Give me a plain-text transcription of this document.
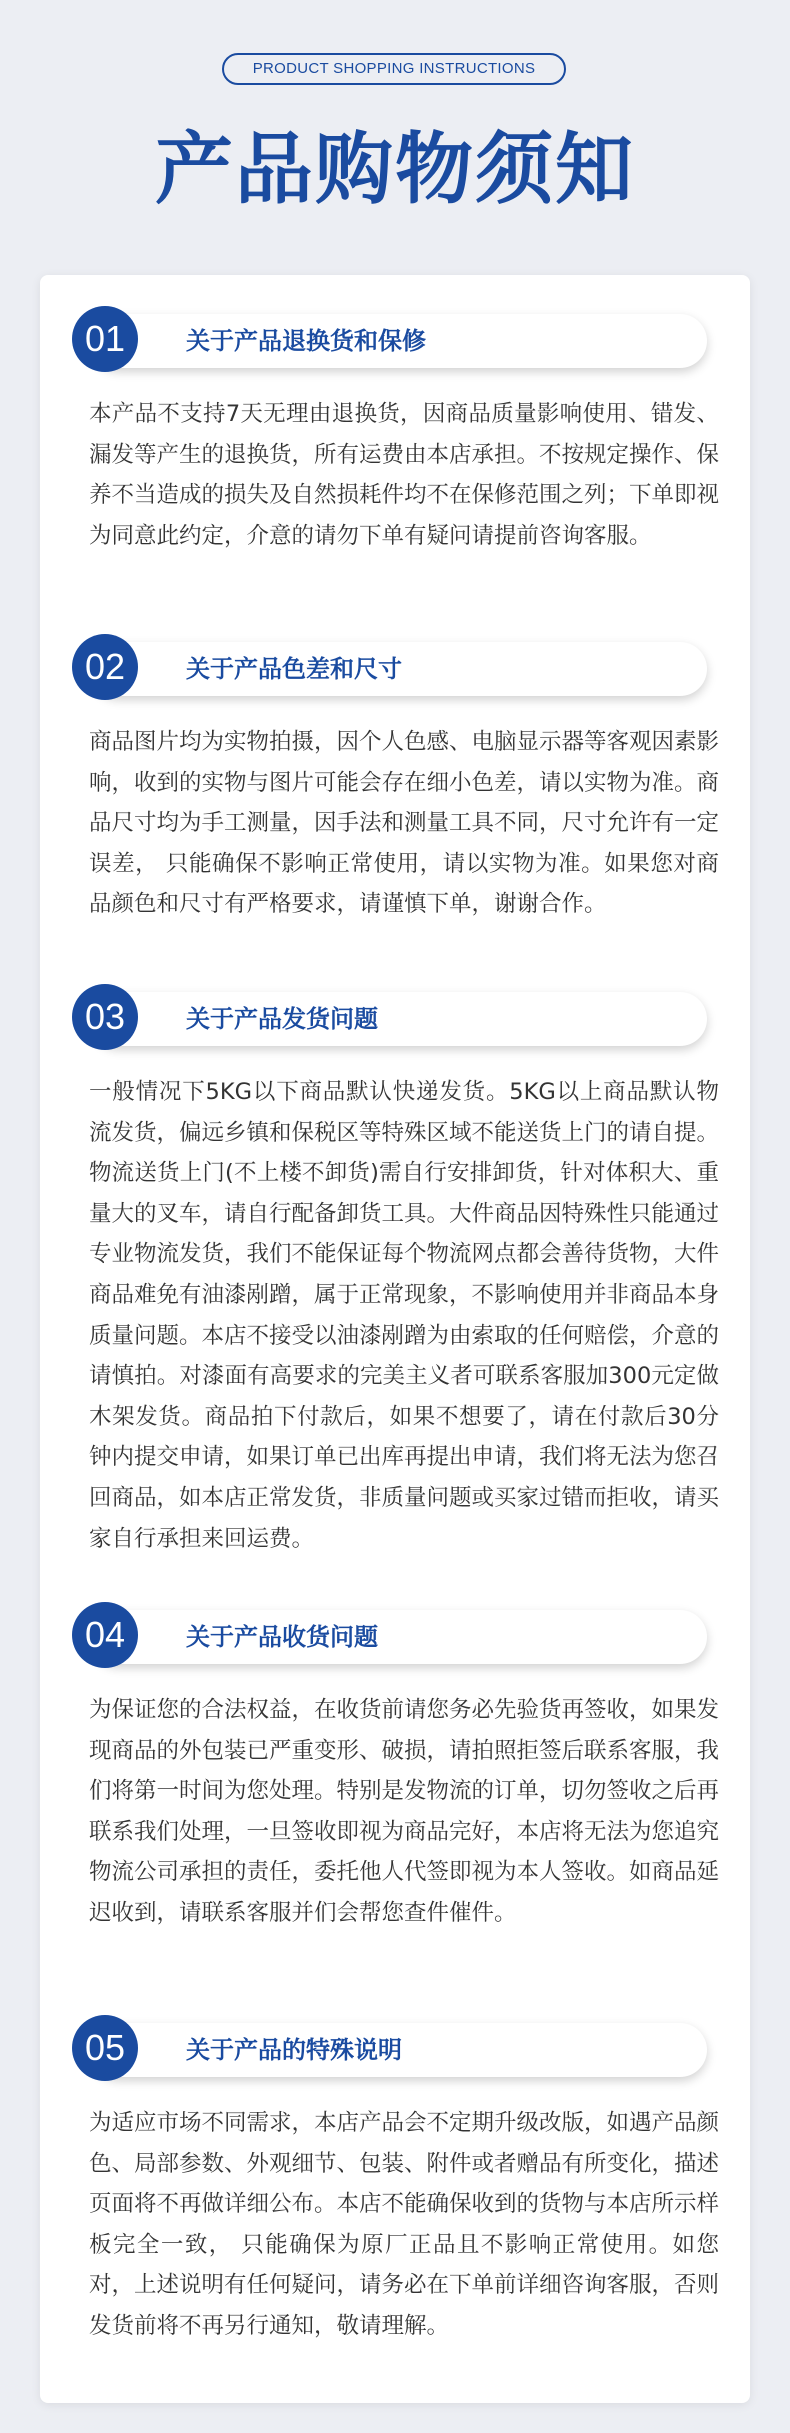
PRODUCT SHOPPING INSTRUCTIONS
产品购物须知
01	关于产品退换货和保修
本产品不支持7天无理由退换货，因商品质量影响使用、错发、漏发等产生的退换货，所有运费由本店承担。不按规定操作、保养不当造成的损失及自然损耗件均不在保修范围之列；下单即视为同意此约定，介意的请勿下单有疑问请提前咨询客服。
02	关于产品色差和尺寸
商品图片均为实物拍摄，因个人色感、电脑显示器等客观因素影响，收到的实物与图片可能会存在细小色差，请以实物为准。商品尺寸均为手工测量，因手法和测量工具不同，尺寸允许有一定误差， 只能确保不影响正常使用，请以实物为准。如果您对商品颜色和尺寸有严格要求，请谨慎下单，谢谢合作。
03	关于产品发货问题
一般情况下5KG以下商品默认快递发货。5KG以上商品默认物流发货，偏远乡镇和保税区等特殊区域不能送货上门的请自提。物流送货上门(不上楼不卸货)需自行安排卸货，针对体积大、重量大的叉车，请自行配备卸货工具。大件商品因特殊性只能通过专业物流发货，我们不能保证每个物流网点都会善待货物，大件商品难免有油漆剐蹭，属于正常现象，不影响使用并非商品本身质量问题。本店不接受以油漆剐蹭为由索取的任何赔偿，介意的请慎拍。对漆面有高要求的完美主义者可联系客服加300元定做木架发货。商品拍下付款后，如果不想要了，请在付款后30分钟内提交申请，如果订单已出库再提出申请，我们将无法为您召回商品，如本店正常发货，非质量问题或买家过错而拒收，请买家自行承担来回运费。
04	关于产品收货问题
为保证您的合法权益，在收货前请您务必先验货再签收，如果发现商品的外包装已严重变形、破损，请拍照拒签后联系客服，我们将第一时间为您处理。特别是发物流的订单，切勿签收之后再联系我们处理，一旦签收即视为商品完好，本店将无法为您追究物流公司承担的责任，委托他人代签即视为本人签收。如商品延迟收到，请联系客服并们会帮您查件催件。
05	关于产品的特殊说明
为适应市场不同需求，本店产品会不定期升级改版，如遇产品颜色、局部参数、外观细节、包装、附件或者赠品有所变化，描述页面将不再做详细公布。本店不能确保收到的货物与本店所示样板完全一致， 只能确保为原厂正品且不影响正常使用。如您对，上述说明有任何疑问，请务必在下单前详细咨询客服，否则发货前将不再另行通知，敬请理解。
